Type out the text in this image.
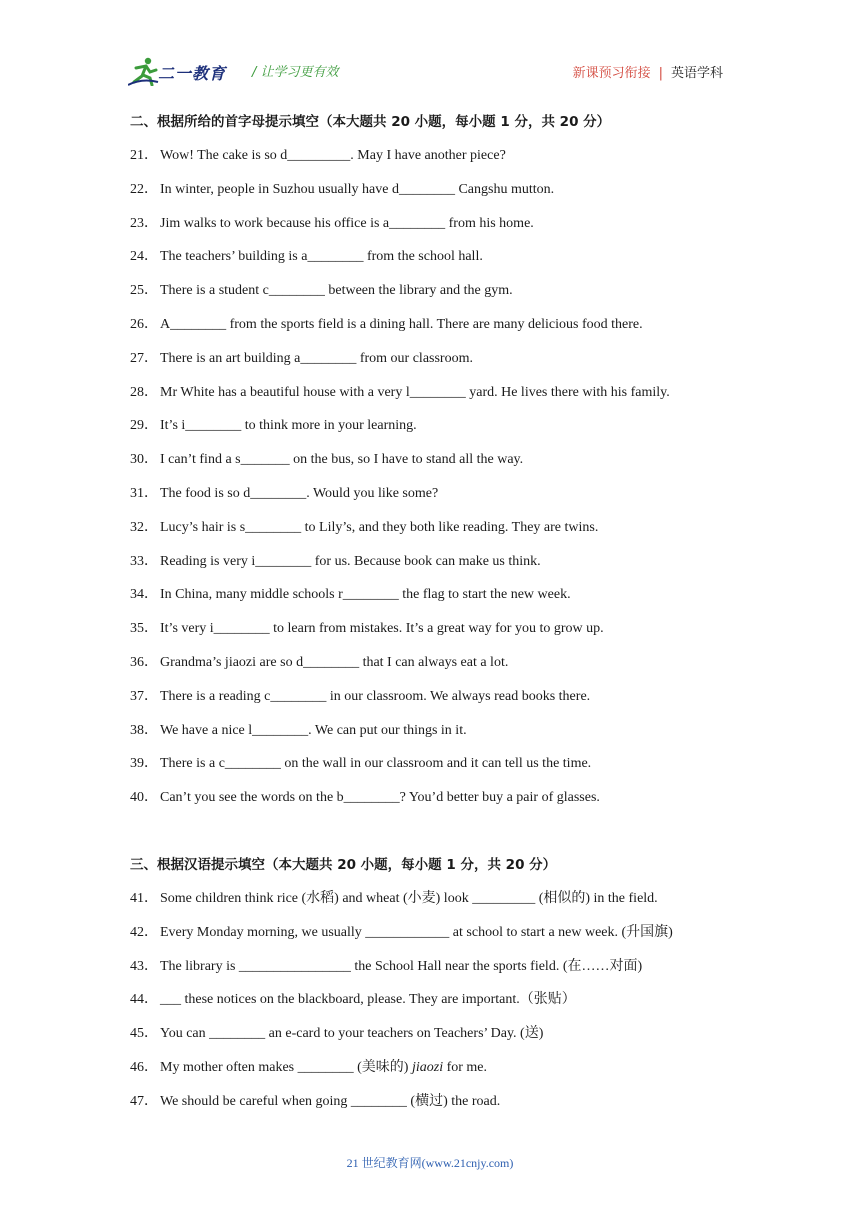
二一教育 / 让学习更有效	新课预习衔接 | 英语学科
二、根据所给的首字母提示填空（本大题共 20 小题，每小题 1 分，共 20 分）
21． Wow! The cake is so d_________. May I have another piece?
22． In winter, people in Suzhou usually have d________ Cangshu mutton.
23． Jim walks to work because his office is a________ from his home.
24． The teachers’ building is a________ from the school hall.
25． There is a student c________ between the library and the gym.
26． A________ from the sports field is a dining hall. There are many delicious food there.
27． There is an art building a________ from our classroom.
28． Mr White has a beautiful house with a very l________ yard. He lives there with his family.
29． It’s i________ to think more in your learning.
30． I can’t find a s_______ on the bus, so I have to stand all the way.
31． The food is so d________. Would you like some?
32． Lucy’s hair is s________ to Lily’s, and they both like reading. They are twins.
33． Reading is very i________ for us. Because book can make us think.
34． In China, many middle schools r________ the flag to start the new week.
35． It’s very i________ to learn from mistakes. It’s a great way for you to grow up.
36． Grandma’s jiaozi are so d________ that I can always eat a lot.
37． There is a reading c________ in our classroom. We always read books there.
38． We have a nice l________. We can put our things in it.
39． There is a c________ on the wall in our classroom and it can tell us the time.
40． Can’t you see the words on the b________? You’d better buy a pair of glasses.
三、根据汉语提示填空（本大题共 20 小题，每小题 1 分，共 20 分）
41． Some children think rice (水稻) and wheat (小麦) look _________ (相似的) in the field.
42． Every Monday morning, we usually ____________ at school to start a new week. (升国旗)
43． The library is ________________ the School Hall near the sports field. (在……对面)
44． ___ these notices on the blackboard, please. They are important.（张贴）
45． You can ________ an e-card to your teachers on Teachers’ Day. (送)
46． My mother often makes ________ (美味的) jiaozi for me.
47． We should be careful when going ________ (横过) the road.
21 世纪教育网(www.21cnjy.com)
